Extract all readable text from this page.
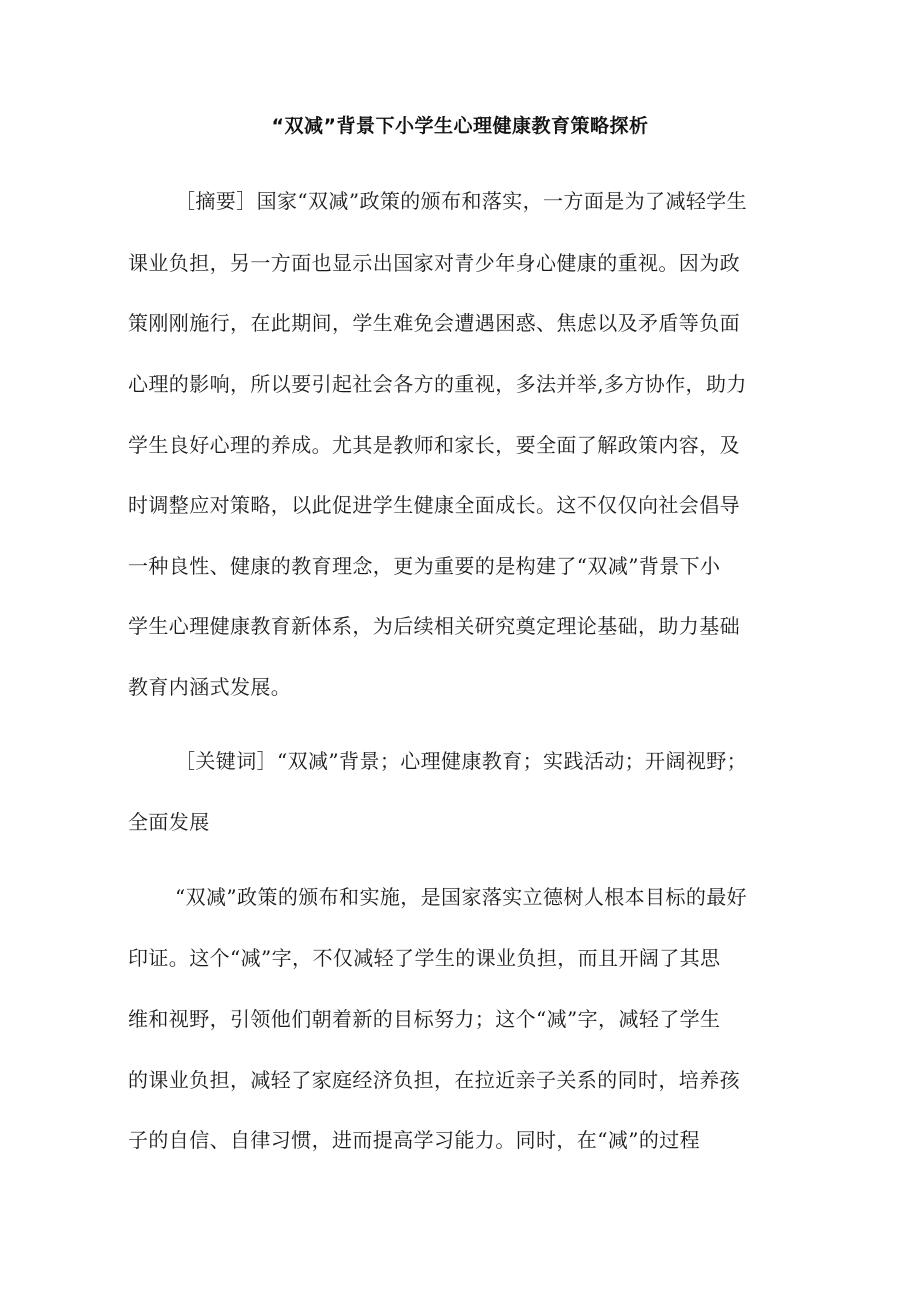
“双减”背景下小学生心理健康教育策略探析

［摘要］国家“双减”政策的颁布和落实，一方面是为了减轻学生

课业负担，另一方面也显示出国家对青少年身心健康的重视。因为政

策刚刚施行，在此期间，学生难免会遭遇困惑、焦虑以及矛盾等负面

心理的影响，所以要引起社会各方的重视，多法并举,多方协作，助力

学生良好心理的养成。尤其是教师和家长，要全面了解政策内容，及

时调整应对策略，以此促进学生健康全面成长。这不仅仅向社会倡导

一种良性、健康的教育理念，更为重要的是构建了“双减”背景下小

学生心理健康教育新体系，为后续相关研究奠定理论基础，助力基础

教育内涵式发展。

［关键词］“双减”背景；心理健康教育；实践活动；开阔视野；

全面发展

“双减”政策的颁布和实施，是国家落实立德树人根本目标的最好

印证。这个“减”字，不仅减轻了学生的课业负担，而且开阔了其思

维和视野，引领他们朝着新的目标努力；这个“减”字，减轻了学生

的课业负担，减轻了家庭经济负担，在拉近亲子关系的同时，培养孩

子的自信、自律习惯，进而提高学习能力。同时，在“减”的过程
